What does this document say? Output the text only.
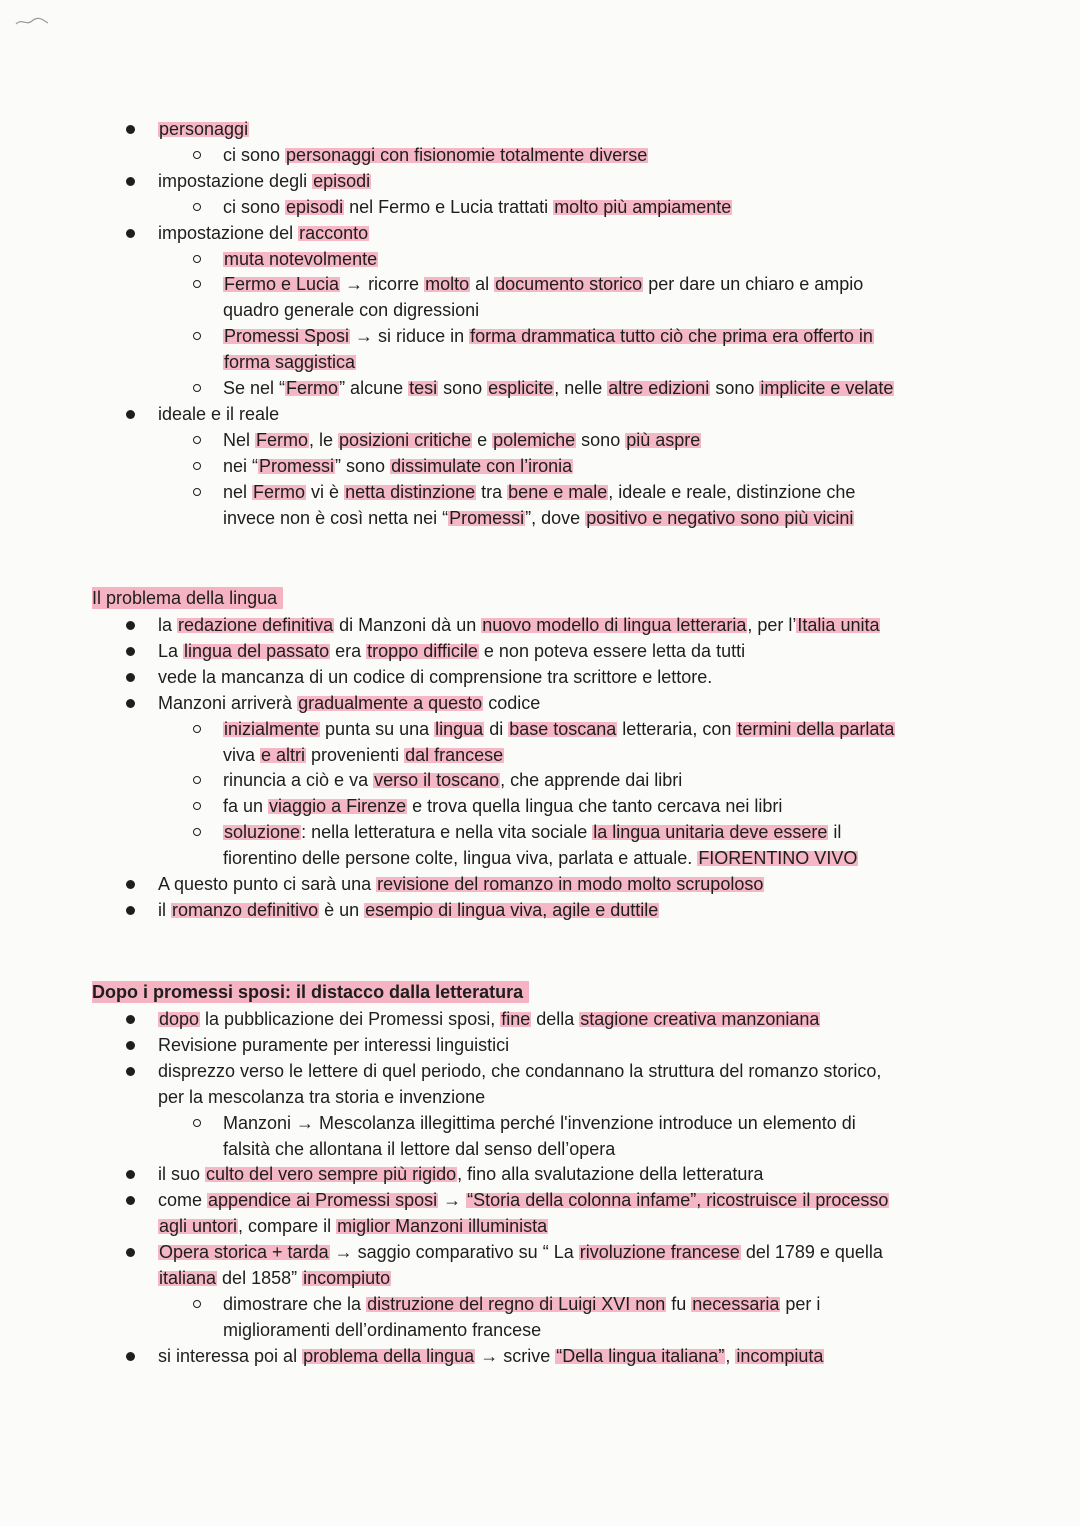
personaggi
ci sono personaggi con fisionomie totalmente diverse
impostazione degli episodi
ci sono episodi nel Fermo e Lucia trattati molto più ampiamente
impostazione del racconto
muta notevolmente
Fermo e Lucia → ricorre molto al documento storico per dare un chiaro e ampio
quadro generale con digressioni
Promessi Sposi → si riduce in forma drammatica tutto ciò che prima era offerto in
forma saggistica
Se nel “Fermo” alcune tesi sono esplicite, nelle altre edizioni sono implicite e velate
ideale e il reale
Nel Fermo, le posizioni critiche e polemiche sono più aspre
nei “Promessi” sono dissimulate con l’ironia
nel Fermo vi è netta distinzione tra bene e male, ideale e reale, distinzione che
invece non è così netta nei “Promessi”, dove positivo e negativo sono più vicini
Il problema della lingua
la redazione definitiva di Manzoni dà un nuovo modello di lingua letteraria, per l’Italia unita
La lingua del passato era troppo difficile e non poteva essere letta da tutti
vede la mancanza di un codice di comprensione tra scrittore e lettore.
Manzoni arriverà gradualmente a questo codice
inizialmente punta su una lingua di base toscana letteraria, con termini della parlata
viva e altri provenienti dal francese
rinuncia a ciò e va verso il toscano, che apprende dai libri
fa un viaggio a Firenze e trova quella lingua che tanto cercava nei libri
soluzione: nella letteratura e nella vita sociale la lingua unitaria deve essere il
fiorentino delle persone colte, lingua viva, parlata e attuale. FIORENTINO VIVO
A questo punto ci sarà una revisione del romanzo in modo molto scrupoloso
il romanzo definitivo è un esempio di lingua viva, agile e duttile
Dopo i promessi sposi: il distacco dalla letteratura
dopo la pubblicazione dei Promessi sposi, fine della stagione creativa manzoniana
Revisione puramente per interessi linguistici
disprezzo verso le lettere di quel periodo, che condannano la struttura del romanzo storico,
per la mescolanza tra storia e invenzione
Manzoni → Mescolanza illegittima perché l'invenzione introduce un elemento di
falsità che allontana il lettore dal senso dell’opera
il suo culto del vero sempre più rigido, fino alla svalutazione della letteratura
come appendice ai Promessi sposi → “Storia della colonna infame”, ricostruisce il processo
agli untori, compare il miglior Manzoni illuminista
Opera storica + tarda → saggio comparativo su “ La rivoluzione francese del 1789 e quella
italiana del 1858” incompiuto
dimostrare che la distruzione del regno di Luigi XVI non fu necessaria per i
miglioramenti dell’ordinamento francese
si interessa poi al problema della lingua → scrive “Della lingua italiana”, incompiuta
